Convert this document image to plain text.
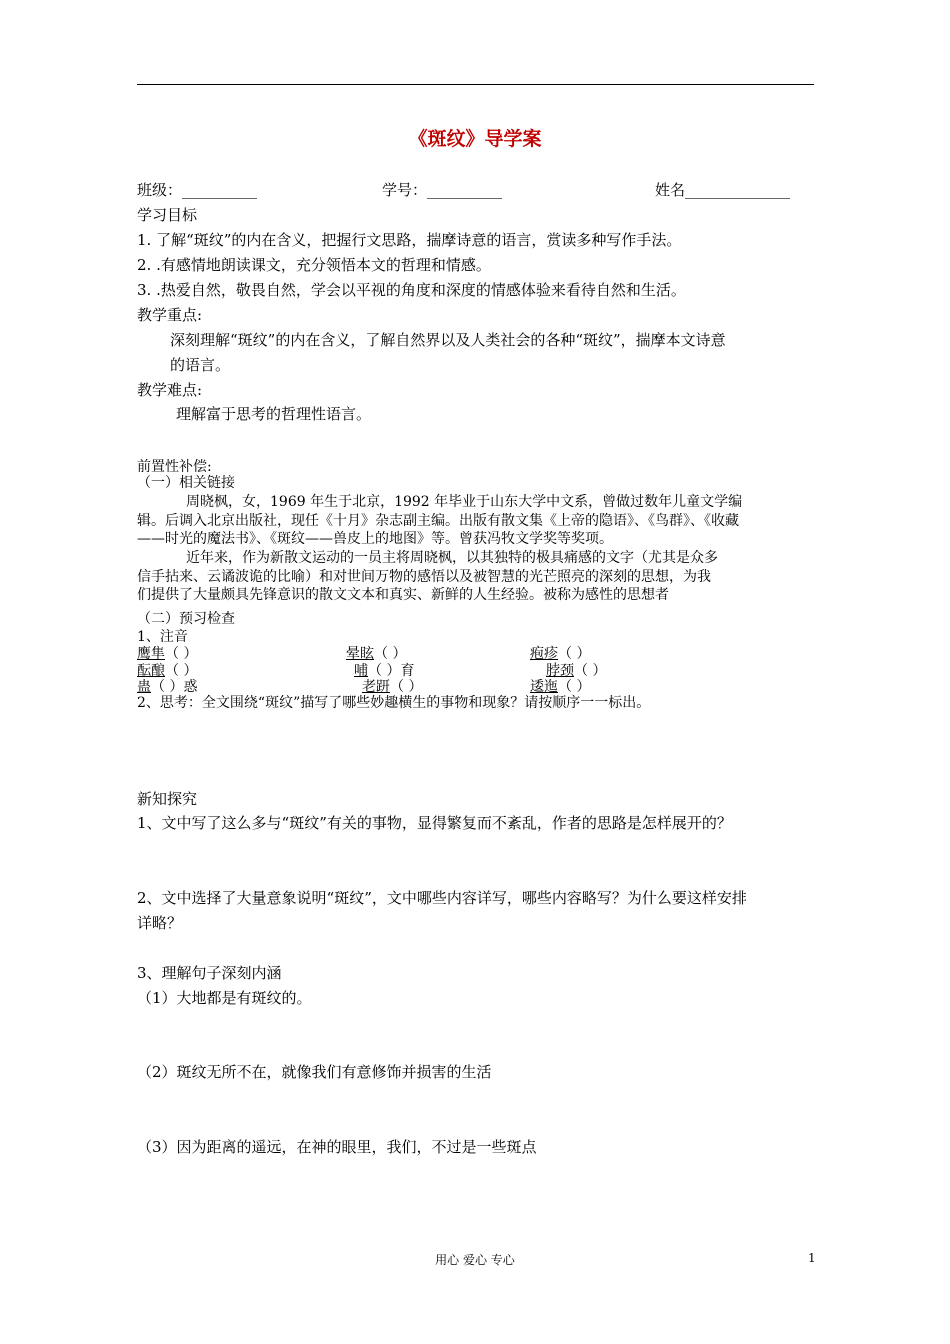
《斑纹》导学案
班级：__________	学号：__________	姓名______________
学习目标
1. 了解“斑纹”的内在含义，把握行文思路，揣摩诗意的语言，赏读多种写作手法。
2. .有感情地朗读课文，充分领悟本文的哲理和情感。
3. .热爱自然，敬畏自然，学会以平视的角度和深度的情感体验来看待自然和生活。
教学重点:
深刻理解“斑纹”的内在含义，了解自然界以及人类社会的各种“斑纹”，揣摩本文诗意
的语言。
教学难点:
理解富于思考的哲理性语言。
前置性补偿:
（一）相关链接
周晓枫，女，1969 年生于北京，1992 年毕业于山东大学中文系，曾做过数年儿童文学编
辑。后调入北京出版社，现任《十月》杂志副主编。出版有散文集《上帝的隐语》、《鸟群》、《收藏
——时光的魔法书》、《斑纹——兽皮上的地图》等。曾获冯牧文学奖等奖项。
近年来，作为新散文运动的一员主将周晓枫，以其独特的极具痛感的文字（尤其是众多
信手拈来、云谲波诡的比喻）和对世间万物的感悟以及被智慧的光芒照亮的深刻的思想，为我
们提供了大量颇具先锋意识的散文文本和真实、新鲜的人生经验。被称为感性的思想者
（二）预习检查
1、注音
鹰隼（ ）	晕眩（ ）	疱疹（ ）
酝酿（ ）	哺（ ）育	脖颈（ ）
蛊（ ）惑	老趼（ ）	逶迤（ ）
2、思考：全文围绕“斑纹”描写了哪些妙趣横生的事物和现象？请按顺序一一标出。
新知探究
1、文中写了这么多与“斑纹”有关的事物，显得繁复而不紊乱，作者的思路是怎样展开的？
2、文中选择了大量意象说明“斑纹”，文中哪些内容详写，哪些内容略写？为什么要这样安排
详略？
3、理解句子深刻内涵
（1）大地都是有斑纹的。
（2）斑纹无所不在，就像我们有意修饰并损害的生活
（3）因为距离的遥远，在神的眼里，我们，不过是一些斑点
用心 爱心 专心	1
